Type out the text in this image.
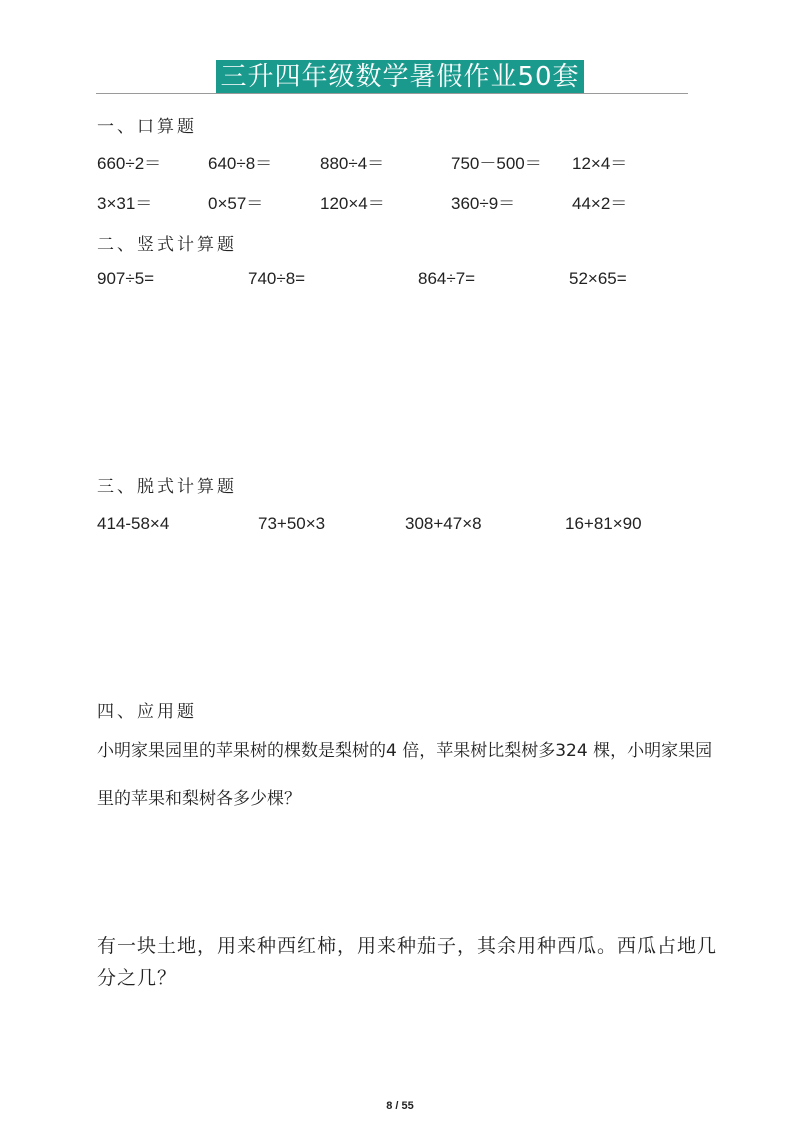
三升四年级数学暑假作业50套
一、口算题
660÷2＝	640÷8＝	880÷4＝	750－500＝ 12×4＝
3×31＝	0×57＝	120×4＝	360÷9＝	44×2＝
二、竖式计算题
907÷5=	740÷8=	864÷7=	52×65=
三、脱式计算题
414-58×4	73+50×3	308+47×8	16+81×90
四、应用题
小明家果园里的苹果树的棵数是梨树的4 倍，苹果树比梨树多324 棵，小明家果园里的苹果和梨树各多少棵？
有一块土地，用来种西红柿，用来种茄子，其余用种西瓜。西瓜占地几分之几？
8 / 55
